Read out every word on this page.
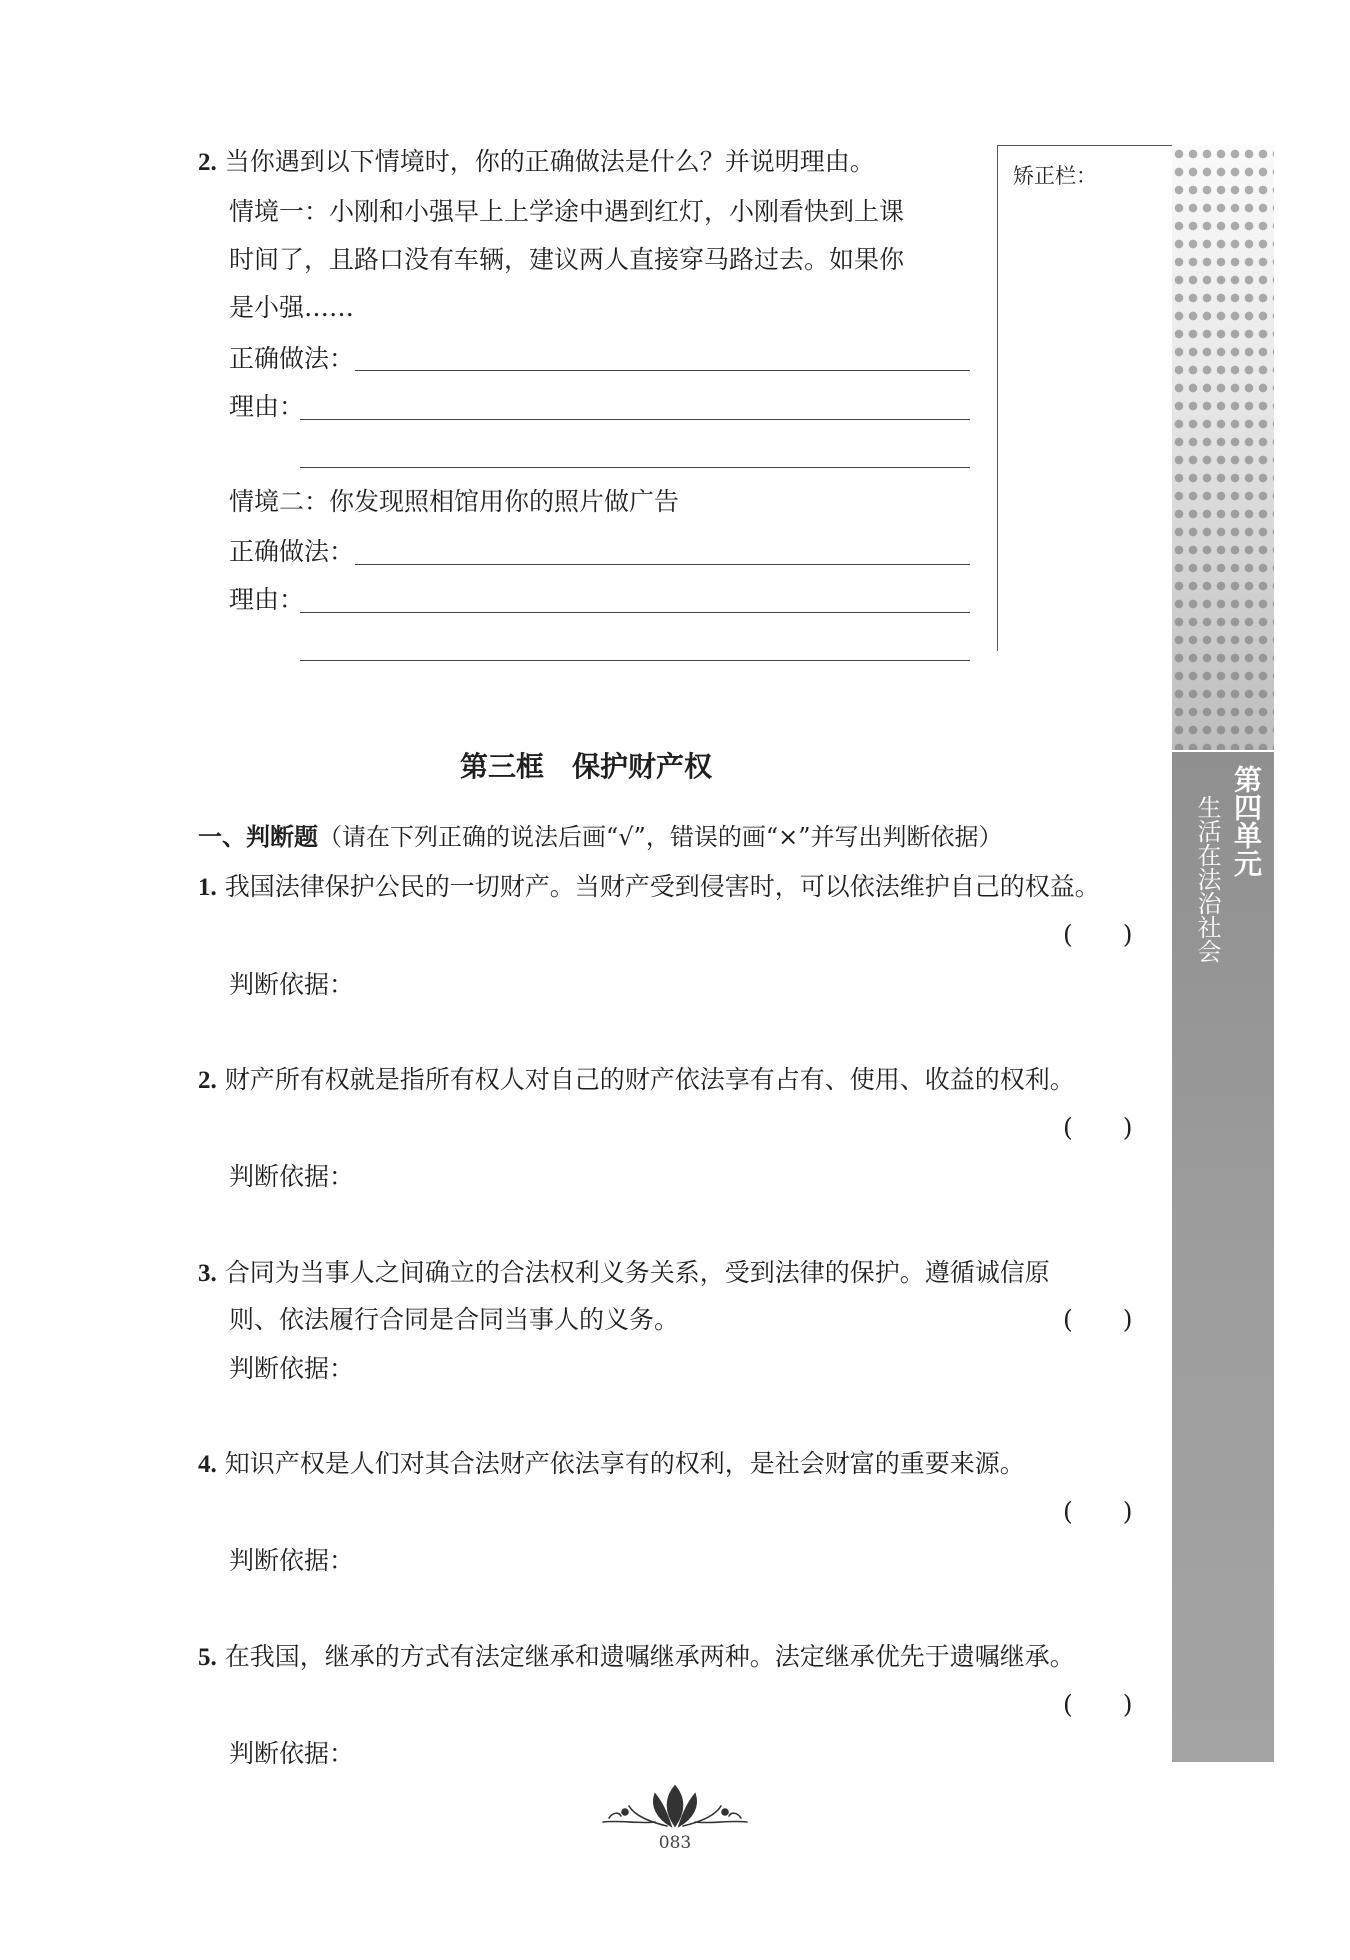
2. 当你遇到以下情境时，你的正确做法是什么？并说明理由。
情境一：小刚和小强早上上学途中遇到红灯，小刚看快到上课
时间了，且路口没有车辆，建议两人直接穿马路过去。如果你
是小强……
正确做法：
理由：
情境二：你发现照相馆用你的照片做广告
正确做法：
理由：
矫正栏：
第四单元
生活在法治社会
第三框　保护财产权
一、判断题（请在下列正确的说法后画“√”，错误的画“×”并写出判断依据）
1. 我国法律保护公民的一切财产。当财产受到侵害时，可以依法维护自己的权益。
(　　)
判断依据：
2. 财产所有权就是指所有权人对自己的财产依法享有占有、使用、收益的权利。
(　　)
判断依据：
3. 合同为当事人之间确立的合法权利义务关系，受到法律的保护。遵循诚信原
则、依法履行合同是合同当事人的义务。	(　　)
判断依据：
4. 知识产权是人们对其合法财产依法享有的权利，是社会财富的重要来源。
(　　)
判断依据：
5. 在我国，继承的方式有法定继承和遗嘱继承两种。法定继承优先于遗嘱继承。
(　　)
判断依据：
083
